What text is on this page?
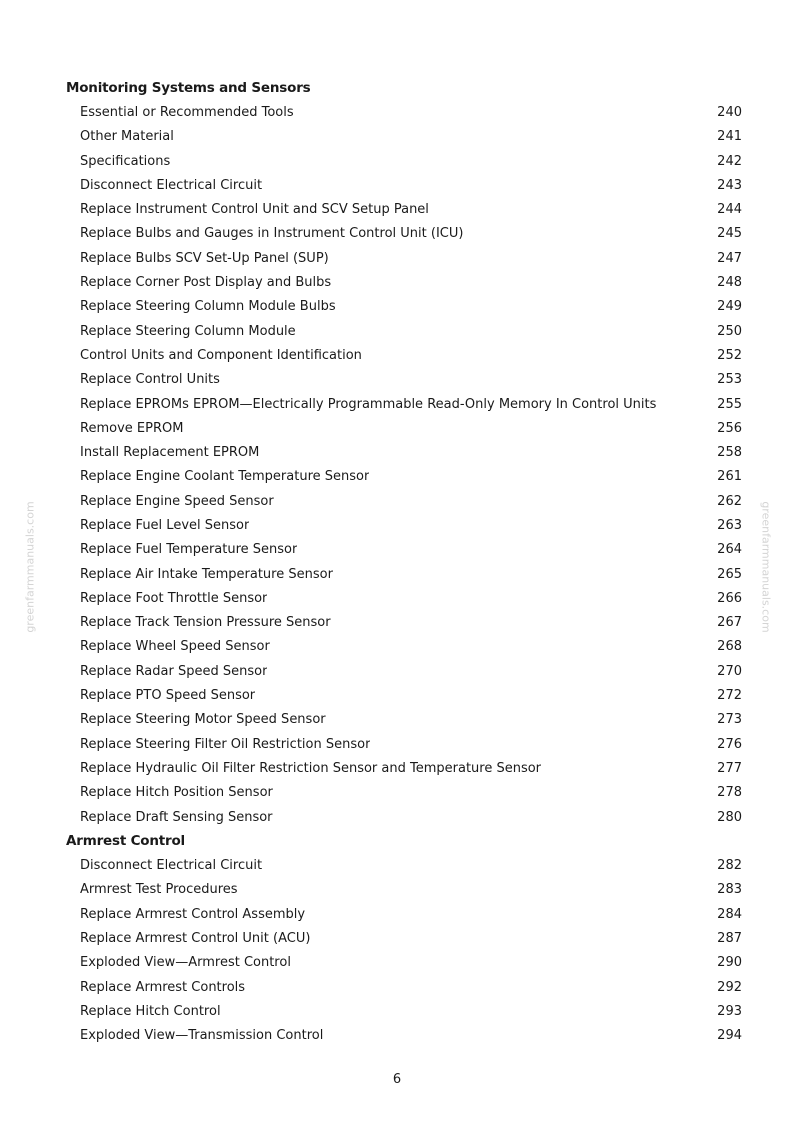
Monitoring Systems and Sensors
Essential or Recommended Tools	240
Other Material	241
Specifications	242
Disconnect Electrical Circuit	243
Replace Instrument Control Unit and SCV Setup Panel	244
Replace Bulbs and Gauges in Instrument Control Unit (ICU)	245
Replace Bulbs SCV Set-Up Panel (SUP)	247
Replace Corner Post Display and Bulbs	248
Replace Steering Column Module Bulbs	249
Replace Steering Column Module	250
Control Units and Component Identification	252
Replace Control Units	253
Replace EPROMs EPROM—Electrically Programmable Read-Only Memory In Control Units	255
Remove EPROM	256
Install Replacement EPROM	258
Replace Engine Coolant Temperature Sensor	261
Replace Engine Speed Sensor	262
Replace Fuel Level Sensor	263
Replace Fuel Temperature Sensor	264
Replace Air Intake Temperature Sensor	265
Replace Foot Throttle Sensor	266
Replace Track Tension Pressure Sensor	267
Replace Wheel Speed Sensor	268
Replace Radar Speed Sensor	270
Replace PTO Speed Sensor	272
Replace Steering Motor Speed Sensor	273
Replace Steering Filter Oil Restriction Sensor	276
Replace Hydraulic Oil Filter Restriction Sensor and Temperature Sensor	277
Replace Hitch Position Sensor	278
Replace Draft Sensing Sensor	280
Armrest Control
Disconnect Electrical Circuit	282
Armrest Test Procedures	283
Replace Armrest Control Assembly	284
Replace Armrest Control Unit (ACU)	287
Exploded View—Armrest Control	290
Replace Armrest Controls	292
Replace Hitch Control	293
Exploded View—Transmission Control	294
6
greenfarmmanuals.com	greenfarmmanuals.com
